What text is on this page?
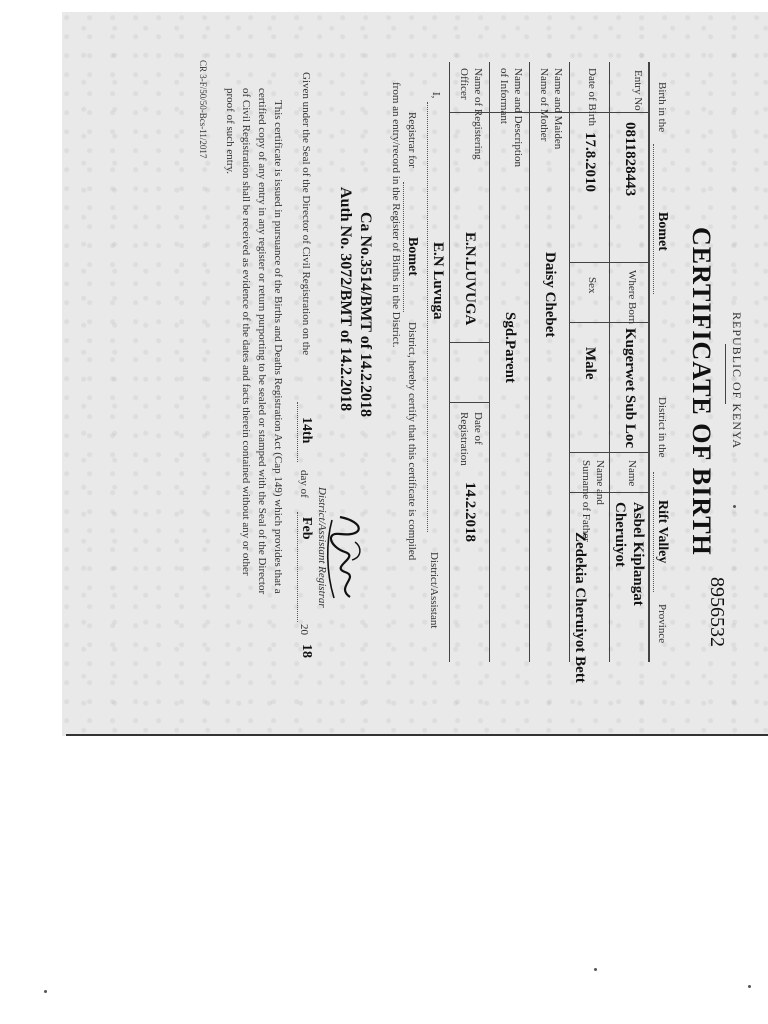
REPUBLIC OF KENYA
CERTIFICATE OF BIRTH
8956532
Birth in the
Bomet
District in the
Rift Valley
Province
Entry No
0811828443
Where Born
Kugerwet Sub Loc
Name
Asbel Kiplangat
Cheruiyot
Date of Birth
17.8.2010
Sex
Male
Name and
Surname of Father
Zedekia Cheruiyot Bett
Name and Maiden
Name of Mother
Daisy Chebet
Name and Description
of Informant
Sgd.Parent
Name of Registering
Officer
E.N.LUVUGA
Date of
Registration
14.2.2018
I,
E.N Luvuga
District/Assistant
Registrar for
Bomet
District, hereby certify that this certificate is compiled
from an entry/record in the Register of Births in the District.
Ca No.3514/BMT of 14.2.2018
Auth No. 3072/BMT of 14.2.2018
District/Assistant Registrar
Given under the Seal of the Director of Civil Registration on the
14th
day of
Feb
20
18
This certificate is issued in pursuance of the Births and Deaths Registration Act (Cap 149) which provides that a
certified copy of any entry in any register or return purporting to be sealed or stamped with the Seal of the Director
of Civil Registration shall be received as evidence of the dates and facts therein contained without any or other
proof of such entry.
CR 3-F/50/50-Bcs-11/2017
